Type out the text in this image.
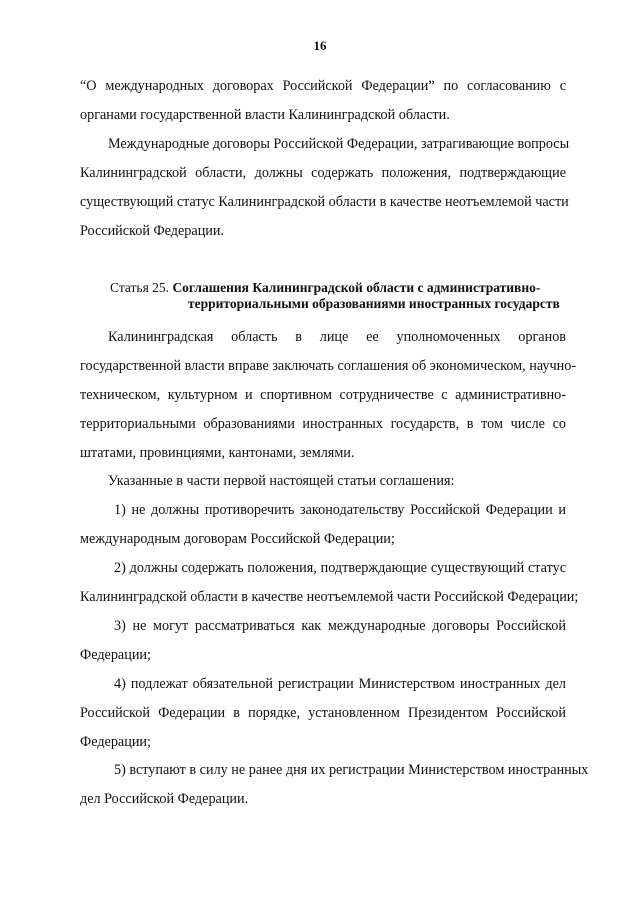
16
“О международных договорах Российской Федерации” по согласованию с
органами государственной власти Калининградской области.
Международные договоры Российской Федерации, затрагивающие вопросы
Калининградской области, должны содержать положения, подтверждающие
существующий статус Калининградской области в качестве неотъемлемой части
Российской Федерации.
Статья 25. Соглашения Калининградской области с административно-
территориальными образованиями иностранных государств
Калининградская область в лице ее уполномоченных органов
государственной власти вправе заключать соглашения об экономическом, научно-
техническом, культурном и спортивном сотрудничестве с административно-
территориальными образованиями иностранных государств, в том числе со
штатами, провинциями, кантонами, землями.
Указанные в части первой настоящей статьи соглашения:
1) не должны противоречить законодательству Российской Федерации и
международным договорам Российской Федерации;
2) должны содержать положения, подтверждающие существующий статус
Калининградской области в качестве неотъемлемой части Российской Федерации;
3) не могут рассматриваться как международные договоры Российской
Федерации;
4) подлежат обязательной регистрации Министерством иностранных дел
Российской Федерации в порядке, установленном Президентом Российской
Федерации;
5) вступают в силу не ранее дня их регистрации Министерством иностранных
дел Российской Федерации.
